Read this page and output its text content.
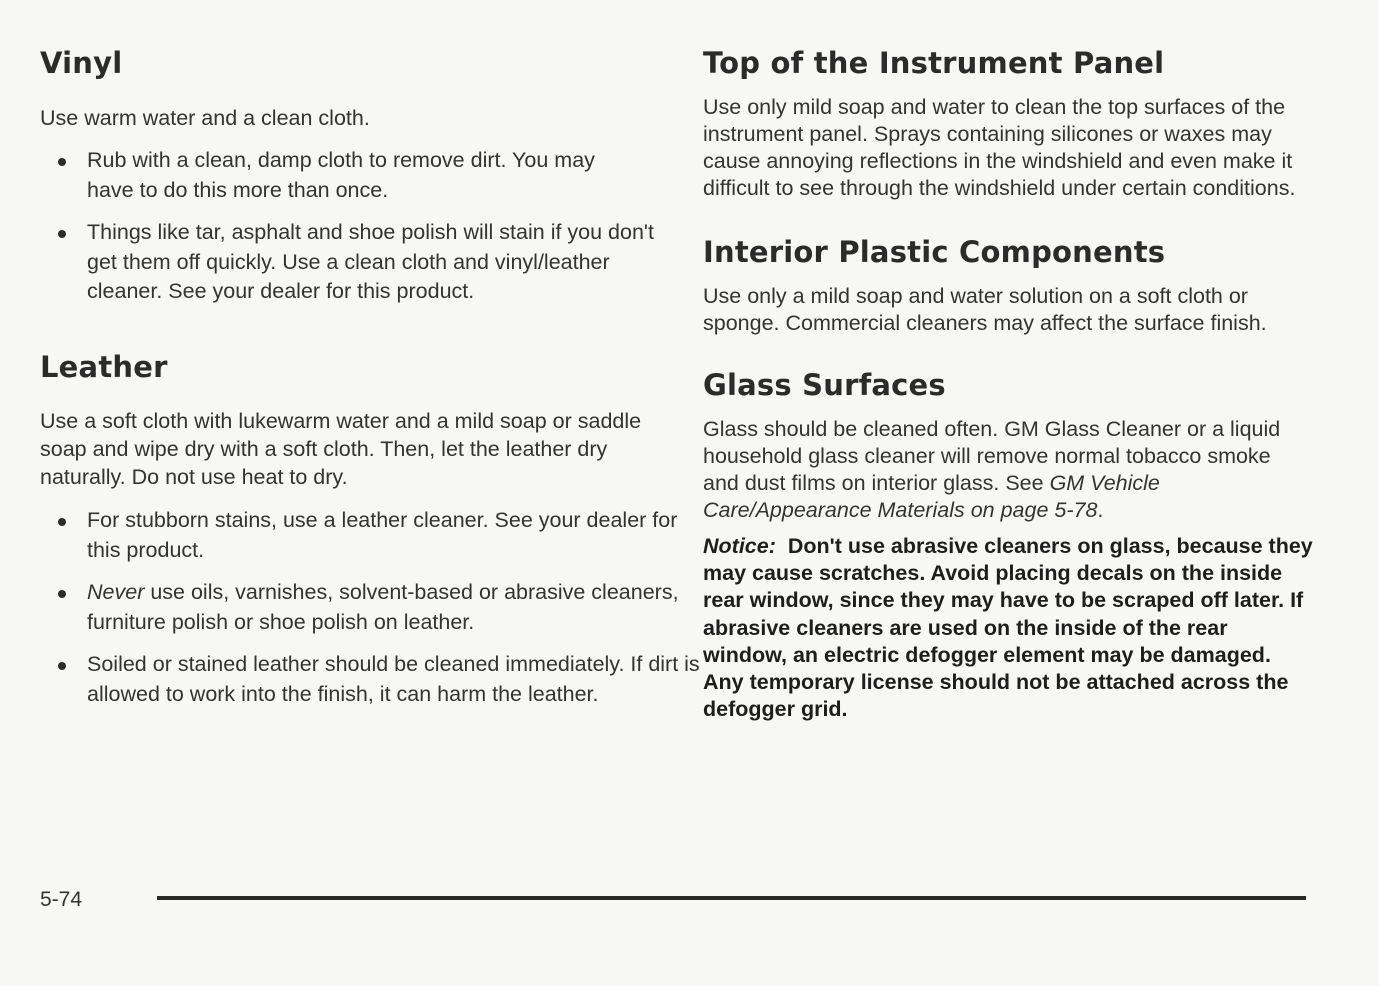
Vinyl

Use warm water and a clean cloth.

Rub with a clean, damp cloth to remove dirt. You may have to do this more than once.
Things like tar, asphalt and shoe polish will stain if you don't get them off quickly. Use a clean cloth and vinyl/leather cleaner. See your dealer for this product.
Leather

Use a soft cloth with lukewarm water and a mild soap or saddle soap and wipe dry with a soft cloth. Then, let the leather dry naturally. Do not use heat to dry.

For stubborn stains, use a leather cleaner. See your dealer for this product.
Never use oils, varnishes, solvent-based or abrasive cleaners, furniture polish or shoe polish on leather.
Soiled or stained leather should be cleaned immediately. If dirt is allowed to work into the finish, it can harm the leather.
Top of the Instrument Panel

Use only mild soap and water to clean the top surfaces of the instrument panel. Sprays containing silicones or waxes may cause annoying reflections in the windshield and even make it difficult to see through the windshield under certain conditions.

Interior Plastic Components

Use only a mild soap and water solution on a soft cloth or sponge. Commercial cleaners may affect the surface finish.

Glass Surfaces

Glass should be cleaned often. GM Glass Cleaner or a liquid household glass cleaner will remove normal tobacco smoke and dust films on interior glass. See GM Vehicle Care/Appearance Materials on page 5-78.

Notice: Don't use abrasive cleaners on glass, because they may cause scratches. Avoid placing decals on the inside rear window, since they may have to be scraped off later. If abrasive cleaners are used on the inside of the rear window, an electric defogger element may be damaged. Any temporary license should not be attached across the defogger grid.

5-74
